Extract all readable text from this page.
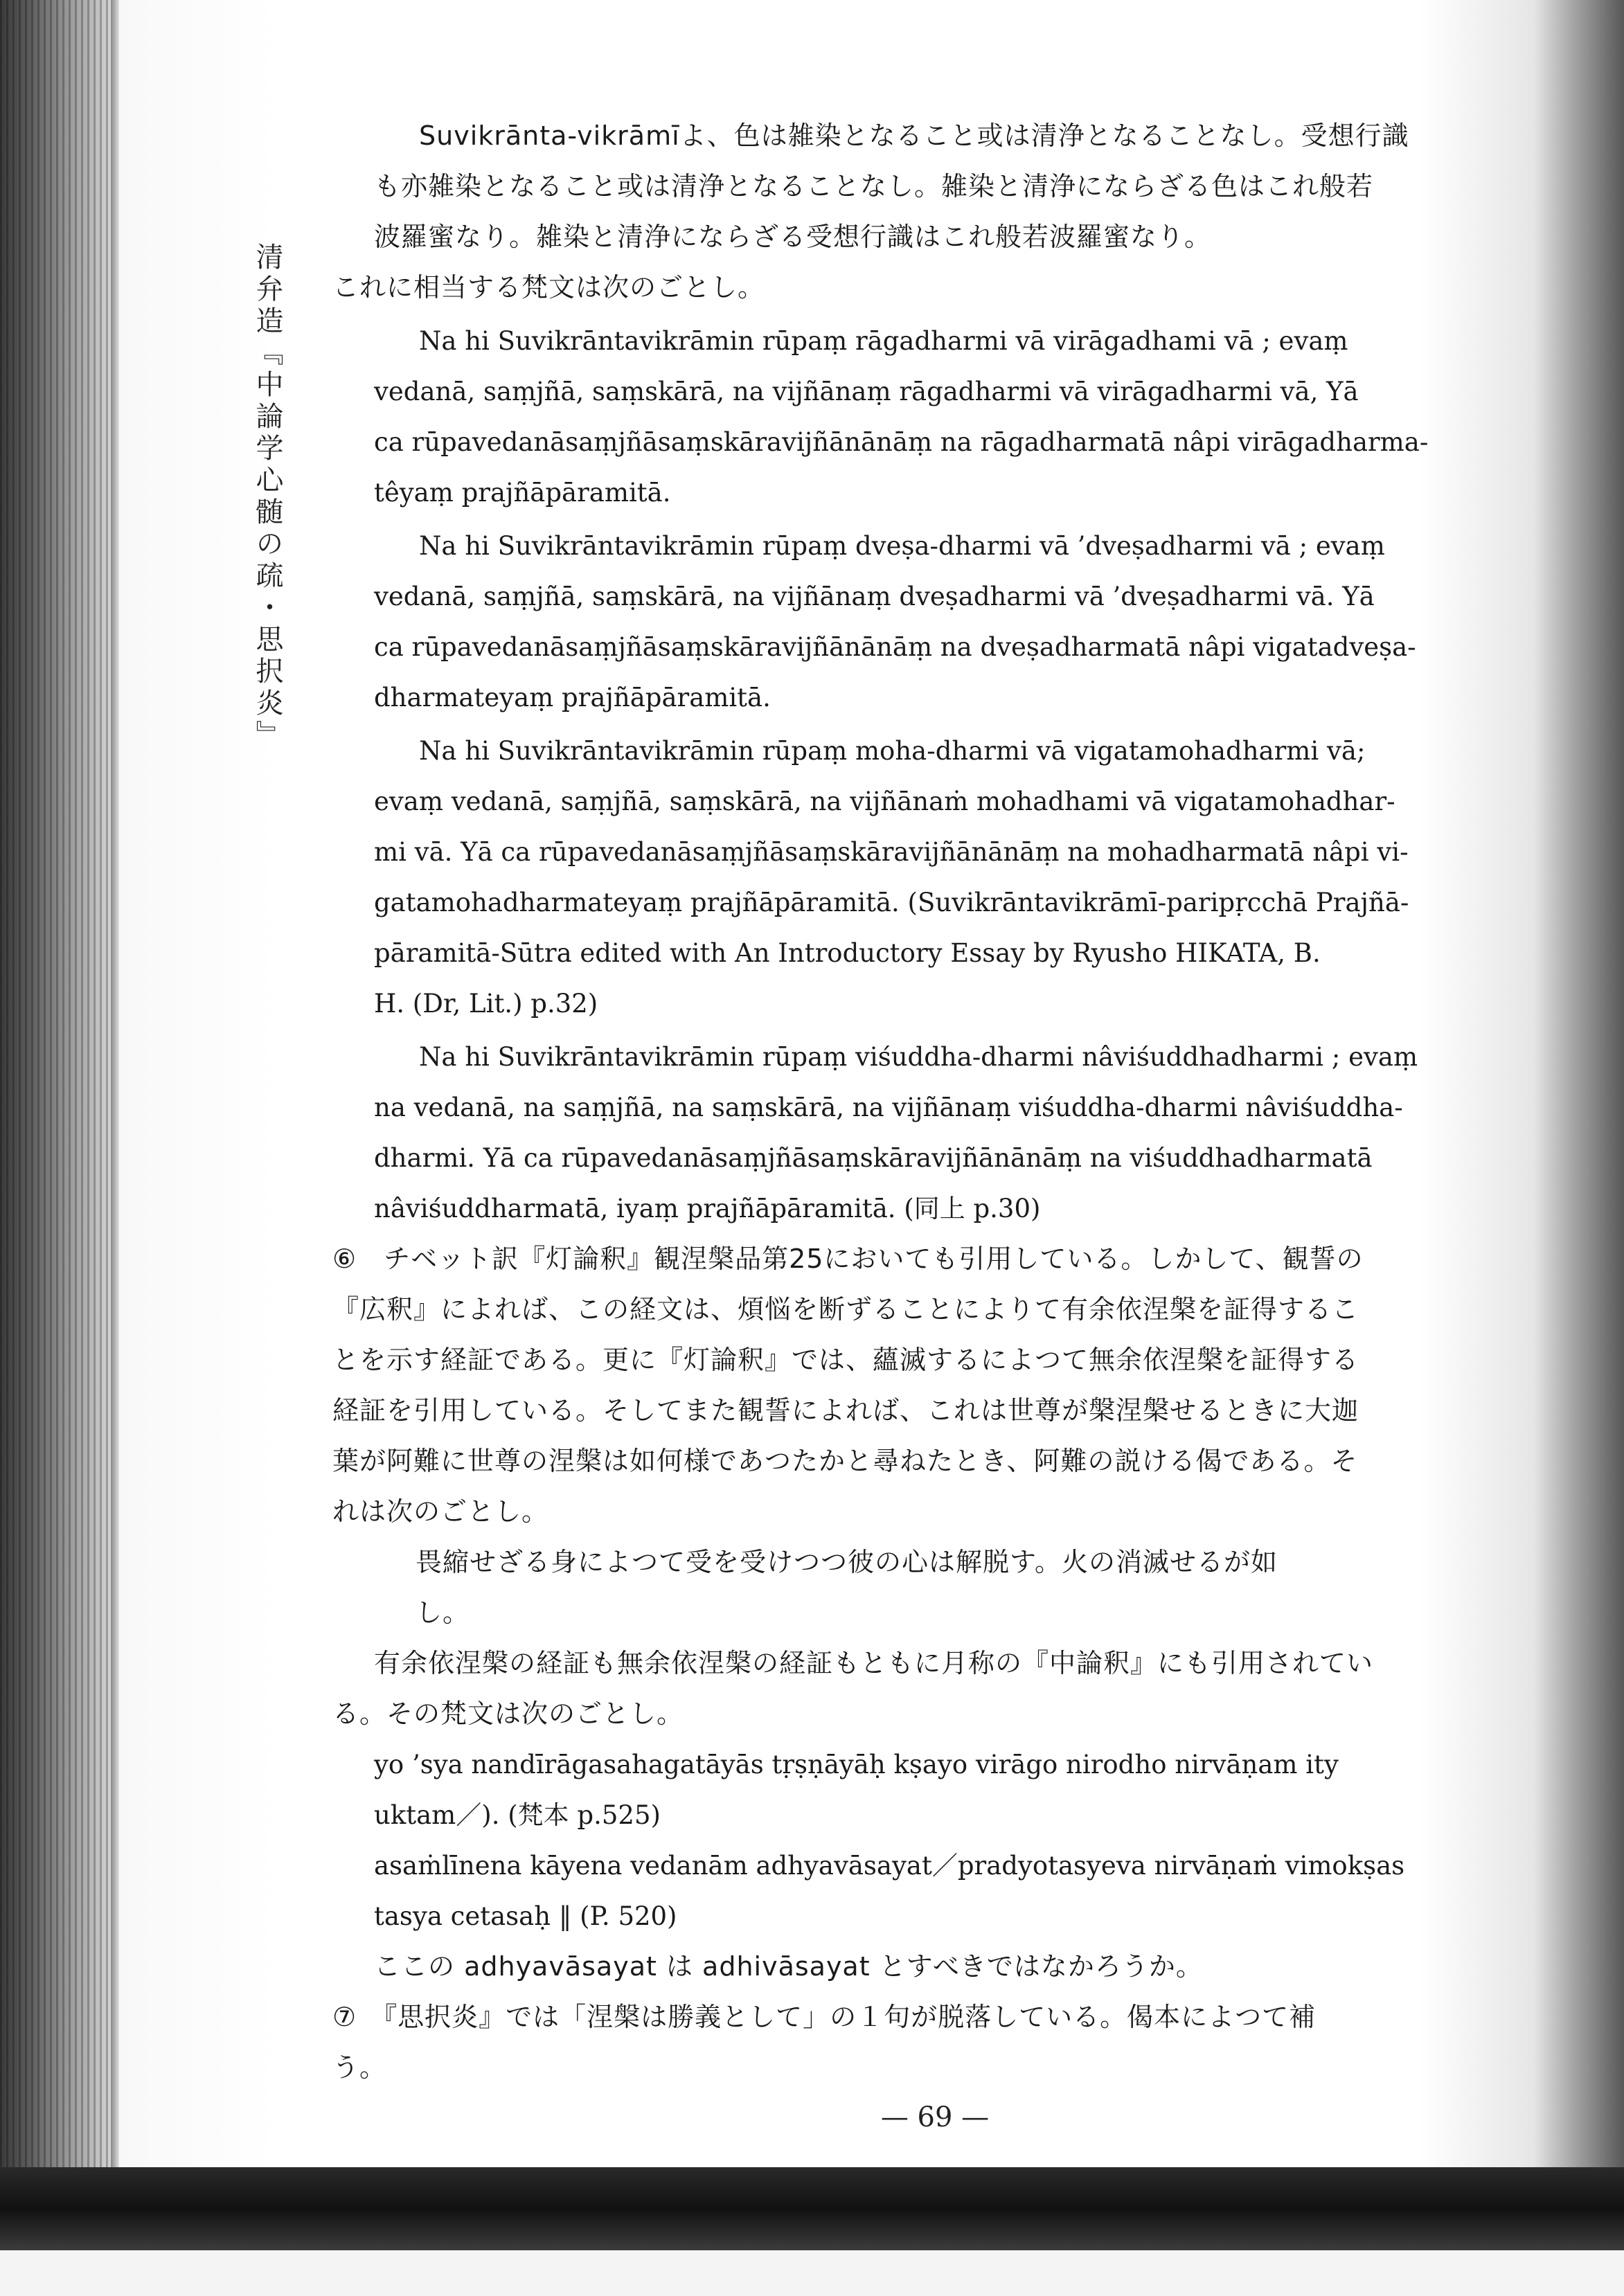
清弁造『中論学心髄の疏・思択炎』

Suvikrānta-vikrāmīよ、色は雑染となること或は清浄となることなし。受想行識
も亦雑染となること或は清浄となることなし。雑染と清浄にならざる色はこれ般若
波羅蜜なり。雑染と清浄にならざる受想行識はこれ般若波羅蜜なり。

これに相当する梵文は次のごとし。

Na hi Suvikrāntavikrāmin rūpaṃ rāgadharmi vā virāgadhami vā ; evaṃ
vedanā, saṃjñā, saṃskārā, na vijñānaṃ rāgadharmi vā virāgadharmi vā, Yā
ca rūpavedanāsaṃjñāsaṃskāravijñānānāṃ na rāgadharmatā nâpi virāgadharma-
têyaṃ prajñāpāramitā.

Na hi Suvikrāntavikrāmin rūpaṃ dveṣa-dharmi vā ’dveṣadharmi vā ; evaṃ
vedanā, saṃjñā, saṃskārā, na vijñānaṃ dveṣadharmi vā ’dveṣadharmi vā. Yā
ca rūpavedanāsaṃjñāsaṃskāravijñānānāṃ na dveṣadharmatā nâpi vigatadveṣa-
dharmateyaṃ prajñāpāramitā.

Na hi Suvikrāntavikrāmin rūpaṃ moha-dharmi vā vigatamohadharmi vā;
evaṃ vedanā, saṃjñā, saṃskārā, na vijñānaṁ mohadhami vā vigatamohadhar-
mi vā. Yā ca rūpavedanāsaṃjñāsaṃskāravijñānānāṃ na mohadharmatā nâpi vi-
gatamohadharmateyaṃ prajñāpāramitā. (Suvikrāntavikrāmī-paripṛcchā Prajñā-
pāramitā-Sūtra edited with An Introductory Essay by Ryusho HIKATA, B.
H. (Dr, Lit.) p.32)

Na hi Suvikrāntavikrāmin rūpaṃ viśuddha-dharmi nâviśuddhadharmi ; evaṃ
na vedanā, na saṃjñā, na saṃskārā, na vijñānaṃ viśuddha-dharmi nâviśuddha-
dharmi. Yā ca rūpavedanāsaṃjñāsaṃskāravijñānānāṃ na viśuddhadharmatā
nâviśuddharmatā, iyaṃ prajñāpāramitā. (同上 p.30)

⑥　チベット訳『灯論釈』観涅槃品第25においても引用している。しかして、観誓の
『広釈』によれば、この経文は、煩悩を断ずることによりて有余依涅槃を証得するこ
とを示す経証である。更に『灯論釈』では、蘊滅するによつて無余依涅槃を証得する
経証を引用している。そしてまた観誓によれば、これは世尊が槃涅槃せるときに大迦
葉が阿難に世尊の涅槃は如何様であつたかと尋ねたとき、阿難の説ける偈である。そ
れは次のごとし。

畏縮せざる身によつて受を受けつつ彼の心は解脱す。火の消滅せるが如
し。

有余依涅槃の経証も無余依涅槃の経証もともに月称の『中論釈』にも引用されてい
る。その梵文は次のごとし。

yo ’sya nandīrāgasahagatāyās tṛṣṇāyāḥ kṣayo virāgo nirodho nirvāṇam ity
uktam／). (梵本 p.525)

asaṁlīnena kāyena vedanām adhyavāsayat／pradyotasyeva nirvāṇaṁ vimokṣas
tasya cetasaḥ ‖ (P. 520)

ここの adhyavāsayat は adhivāsayat とすべきではなかろうか。

⑦　『思択炎』では「涅槃は勝義として」の１句が脱落している。偈本によつて補
う。

— 69 —
